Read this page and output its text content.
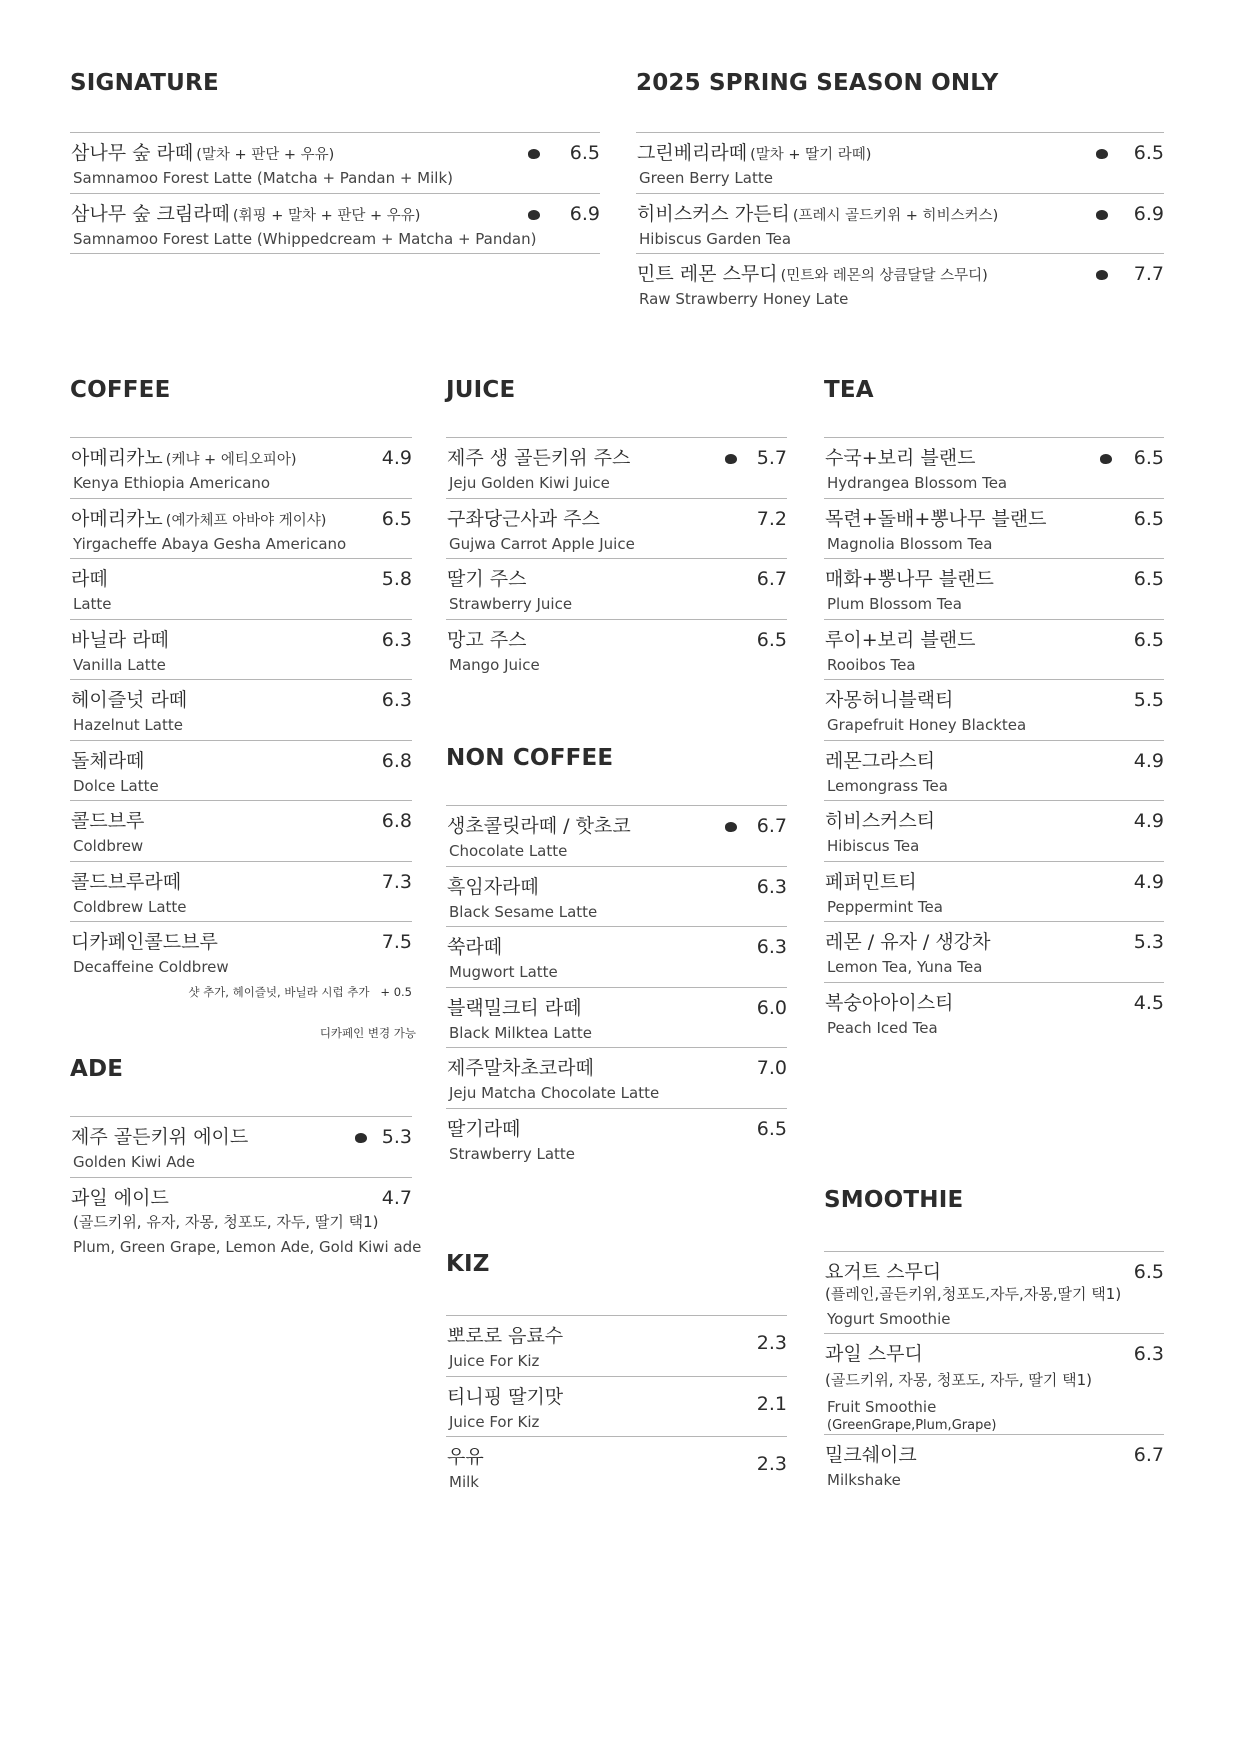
SIGNATURE
삼나무 숲 라떼 (말차 + 판단 + 우유)	6.5
Samnamoo Forest Latte (Matcha + Pandan + Milk)
삼나무 숲 크림라떼 (휘핑 + 말차 + 판단 + 우유)	6.9
Samnamoo Forest Latte (Whippedcream + Matcha + Pandan)
2025 SPRING SEASON ONLY
그린베리라떼 (말차 + 딸기 라떼)	6.5
Green Berry Latte
히비스커스 가든티 (프레시 골드키위 + 히비스커스)	6.9
Hibiscus Garden Tea
민트 레몬 스무디 (민트와 레몬의 상큼달달 스무디)	7.7
Raw Strawberry Honey Late
COFFEE
아메리카노 (케냐 + 에티오피아)	4.9
Kenya Ethiopia Americano
아메리카노 (예가체프 아바야 게이샤)	6.5
Yirgacheffe Abaya Gesha Americano
라떼	5.8
Latte
바닐라 라떼	6.3
Vanilla Latte
헤이즐넛 라떼	6.3
Hazelnut Latte
돌체라떼	6.8
Dolce Latte
콜드브루	6.8
Coldbrew
콜드브루라떼	7.3
Coldbrew Latte
디카페인콜드브루	7.5
Decaffeine Coldbrew
샷 추가, 헤이즐넛, 바닐라 시럽 추가 + 0.5
디카페인 변경 가능
ADE
제주 골든키위 에이드	5.3
Golden Kiwi Ade
과일 에이드	4.7
(골드키위, 유자, 자몽, 청포도, 자두, 딸기 택1)
Plum, Green Grape, Lemon Ade, Gold Kiwi ade
JUICE
제주 생 골든키위 주스	5.7
Jeju Golden Kiwi Juice
구좌당근사과 주스	7.2
Gujwa Carrot Apple Juice
딸기 주스	6.7
Strawberry Juice
망고 주스	6.5
Mango Juice
NON COFFEE
생초콜릿라떼 / 핫초코	6.7
Chocolate Latte
흑임자라떼	6.3
Black Sesame Latte
쑥라떼	6.3
Mugwort Latte
블랙밀크티 라떼	6.0
Black Milktea Latte
제주말차초코라떼	7.0
Jeju Matcha Chocolate Latte
딸기라떼	6.5
Strawberry Latte
KIZ
뽀로로 음료수	2.3
Juice For Kiz
티니핑 딸기맛	2.1
Juice For Kiz
우유	2.3
Milk
TEA
수국+보리 블랜드	6.5
Hydrangea Blossom Tea
목련+돌배+뽕나무 블랜드	6.5
Magnolia Blossom Tea
매화+뽕나무 블랜드	6.5
Plum Blossom Tea
루이+보리 블랜드	6.5
Rooibos Tea
자몽허니블랙티	5.5
Grapefruit Honey Blacktea
레몬그라스티	4.9
Lemongrass Tea
히비스커스티	4.9
Hibiscus Tea
페퍼민트티	4.9
Peppermint Tea
레몬 / 유자 / 생강차	5.3
Lemon Tea, Yuna Tea
복숭아아이스티	4.5
Peach Iced Tea
SMOOTHIE
요거트 스무디	6.5
(플레인,골든키위,청포도,자두,자몽,딸기 택1)
Yogurt Smoothie
과일 스무디	6.3
(골드키위, 자몽, 청포도, 자두, 딸기 택1)
Fruit Smoothie
(GreenGrape,Plum,Grape)
밀크쉐이크	6.7
Milkshake
